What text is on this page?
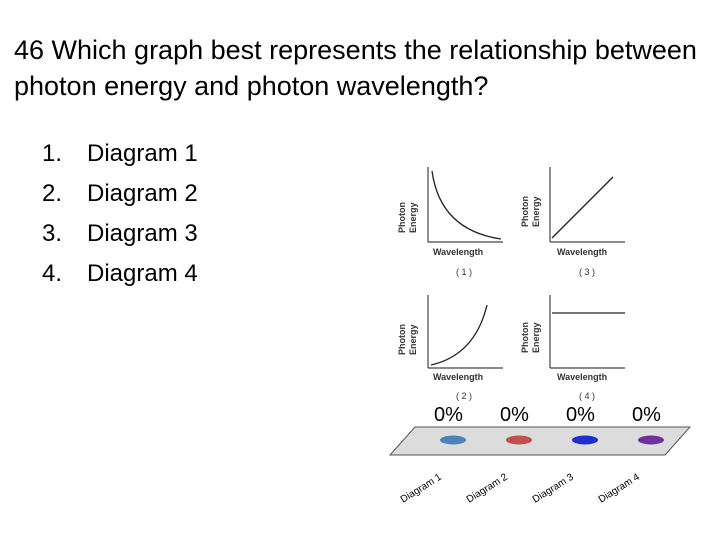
46 Which graph best represents the relationship between photon energy and photon wavelength?
1. Diagram 1
2. Diagram 2
3. Diagram 3
4. Diagram 4
Photon Energy
Wavelength
( 1 )
Photon Energy
Wavelength
( 3 )
Photon Energy
Wavelength
( 2 )
Photon Energy
Wavelength
( 4 )
0%
Diagram 1
0%
Diagram 2
0%
Diagram 3
0%
Diagram 4
